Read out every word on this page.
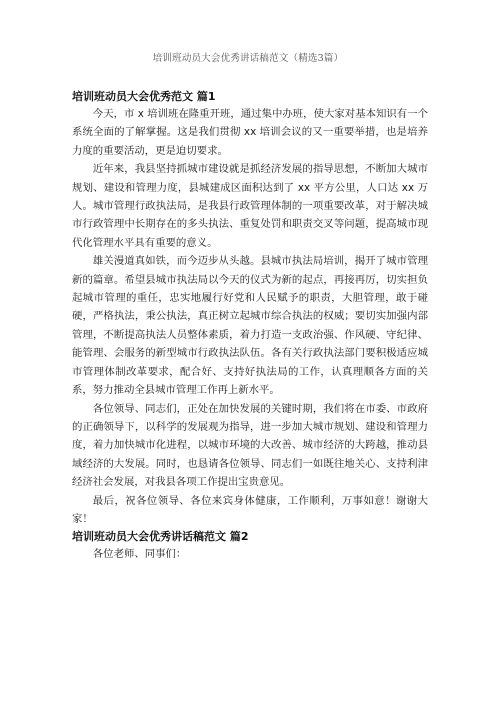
培训班动员大会优秀讲话稿范文（精选3篇）
培训班动员大会优秀范文 篇1

今天，市 x 培训班在隆重开班，通过集中办班，使大家对基本知识有一个系统全面的了解掌握。这是我们贯彻 xx 培训会议的又一重要举措，也是培养力度的重要活动，更是迫切要求。

近年来，我县坚持抓城市建设就是抓经济发展的指导思想，不断加大城市规划、建设和管理力度，县城建成区面积达到了 xx 平方公里，人口达 xx 万人。城市管理行政执法局，是我县行政管理体制的一项重要改革，对于解决城市行政管理中长期存在的多头执法、重复处罚和职责交叉等问题，提高城市现代化管理水平具有重要的意义。

雄关漫道真如铁，而今迈步从头越。县城市执法局培训，揭开了城市管理新的篇章。希望县城市执法局以今天的仪式为新的起点，再接再厉，切实担负起城市管理的重任，忠实地履行好党和人民赋予的职责，大胆管理，敢于碰硬，严格执法，秉公执法，真正树立起城市综合执法的权威；要切实加强内部管理，不断提高执法人员整体素质，着力打造一支政治强、作风硬、守纪律、能管理、会服务的新型城市行政执法队伍。各有关行政执法部门要积极适应城市管理体制改革要求，配合好、支持好执法局的工作，认真理顺各方面的关系，努力推动全县城市管理工作再上新水平。

各位领导、同志们，正处在加快发展的关键时期，我们将在市委、市政府的正确领导下，以科学的发展观为指导，进一步加大城市规划、建设和管理力度，着力加快城市化进程，以城市环境的大改善、城市经济的大跨越，推动县域经济的大发展。同时，也恳请各位领导、同志们一如既往地关心、支持利津经济社会发展，对我县各项工作提出宝贵意见。

最后，祝各位领导、各位来宾身体健康，工作顺利，万事如意！谢谢大家！

培训班动员大会优秀讲话稿范文 篇2

各位老师、同事们：
